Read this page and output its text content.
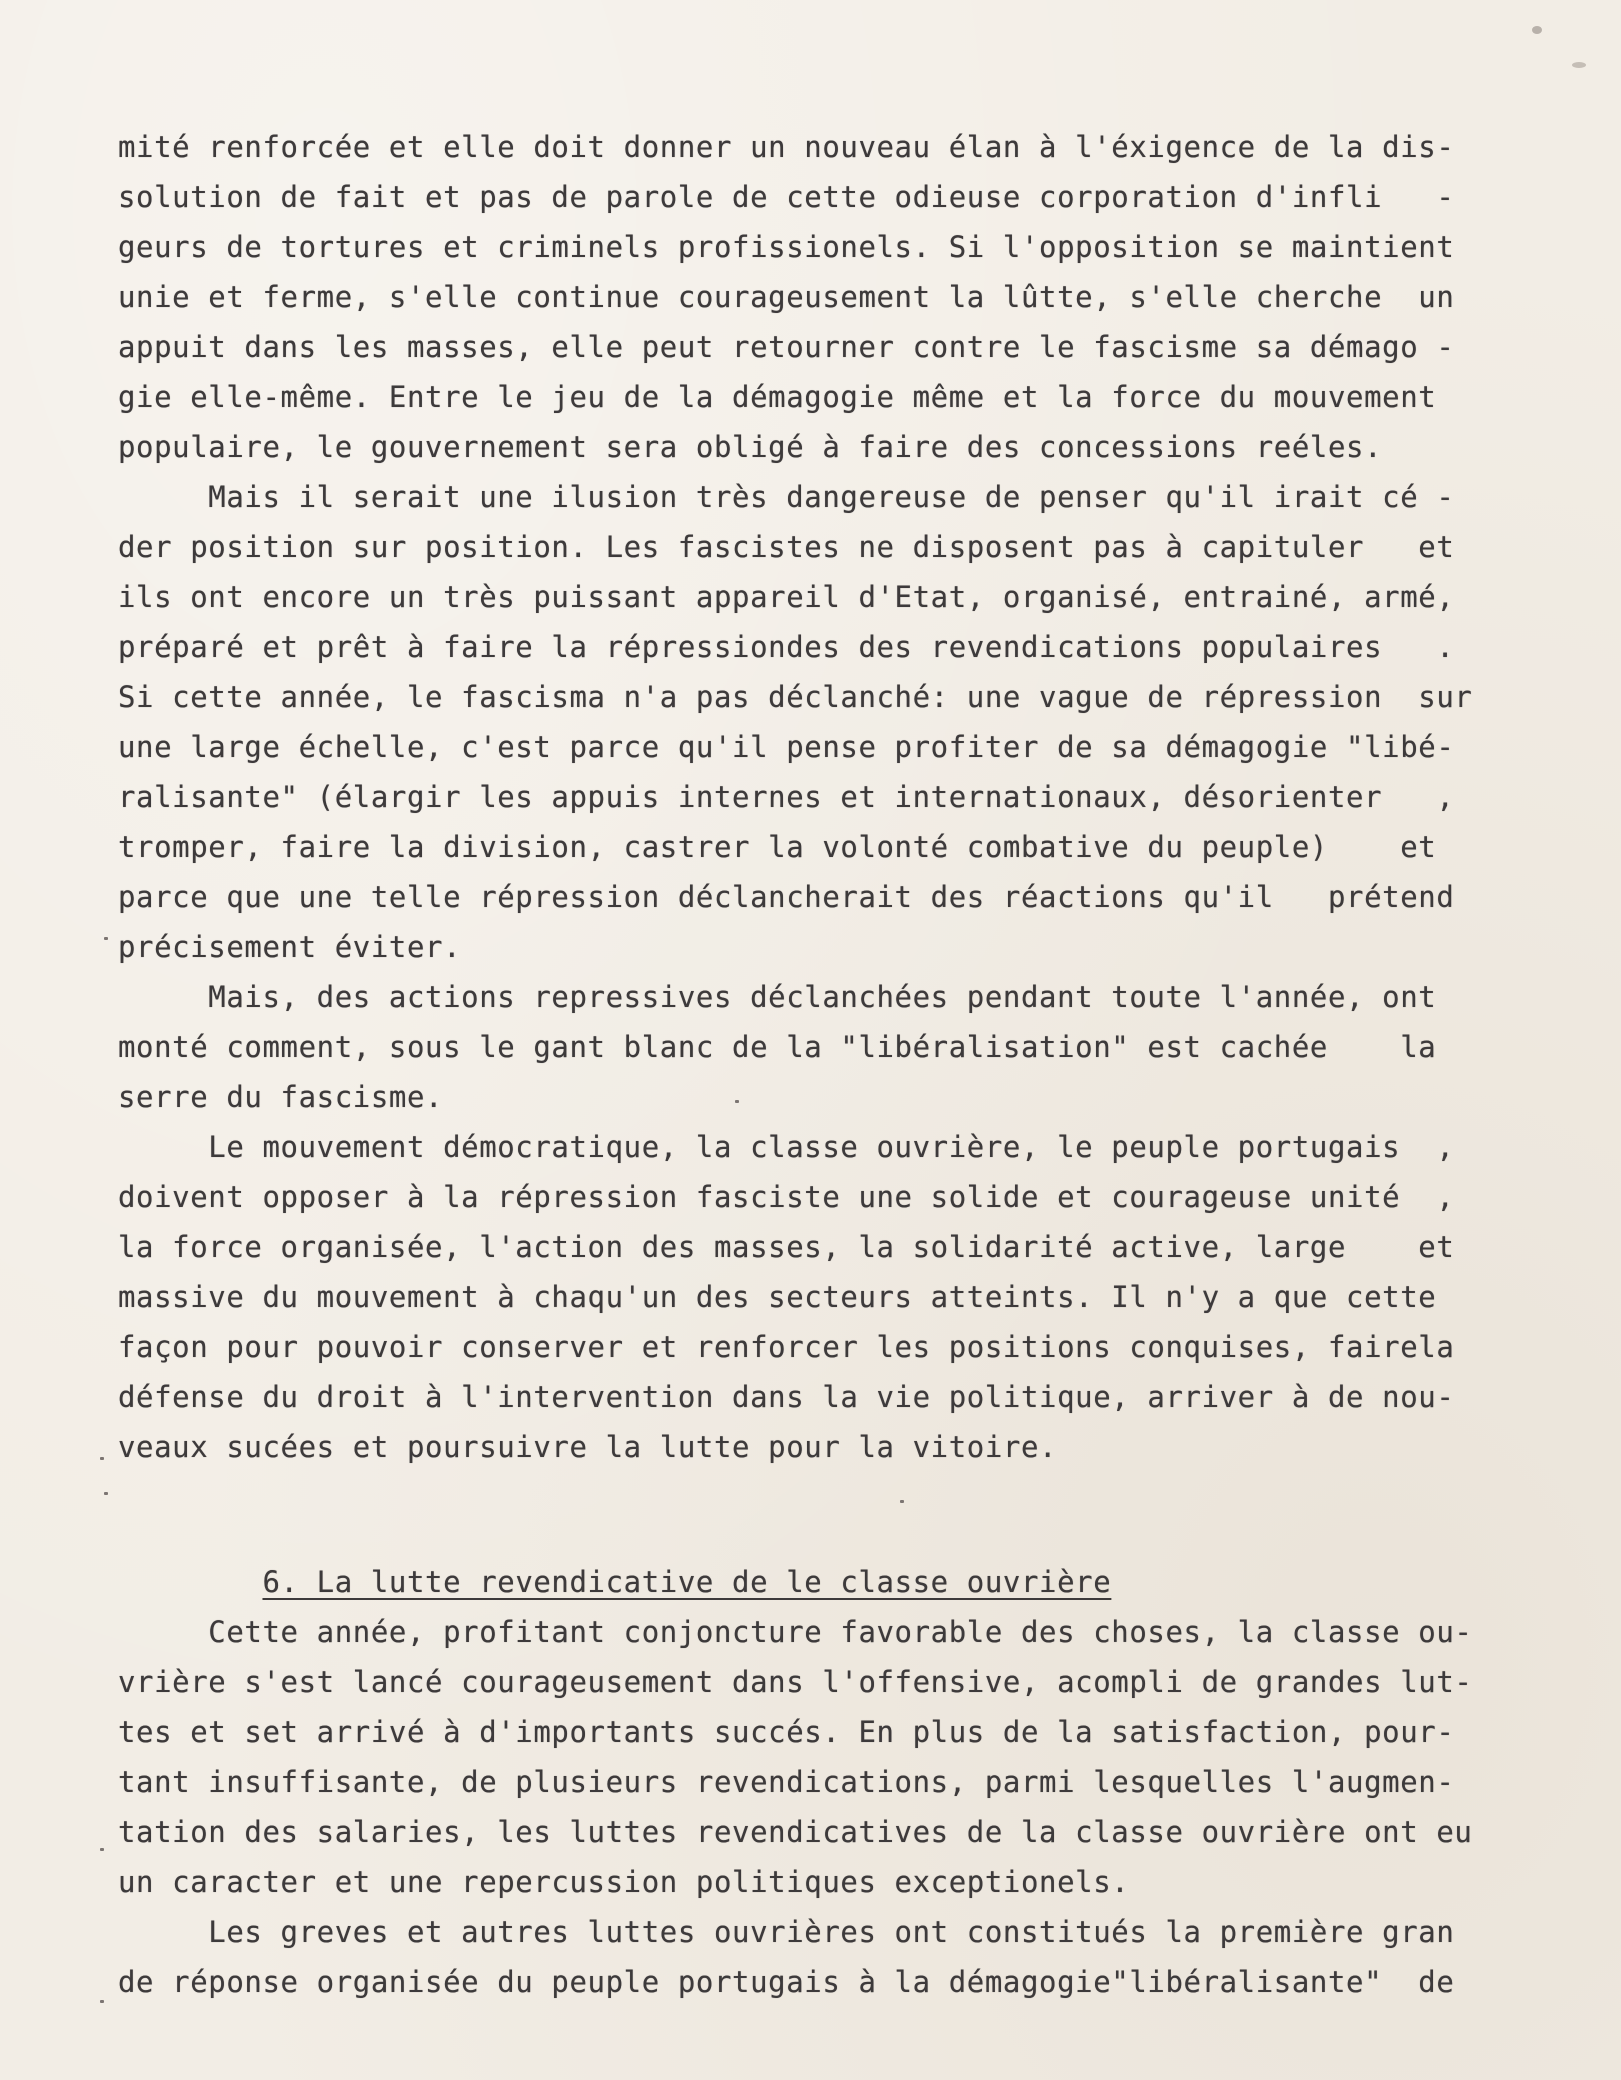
mité renforcée et elle doit donner un nouveau élan à l'éxigence de la dis-
solution de fait et pas de parole de cette odieuse corporation d'infli   -
geurs de tortures et criminels profissionels. Si l'opposition se maintient
unie et ferme, s'elle continue courageusement la lûtte, s'elle cherche  un
appuit dans les masses, elle peut retourner contre le fascisme sa démago -
gie elle-même. Entre le jeu de la démagogie même et la force du mouvement
populaire, le gouvernement sera obligé à faire des concessions reéles.
Mais il serait une ilusion très dangereuse de penser qu'il irait cé -
der position sur position. Les fascistes ne disposent pas à capituler   et
ils ont encore un très puissant appareil d'Etat, organisé, entrainé, armé,
préparé et prêt à faire la répressiondes des revendications populaires   .
Si cette année, le fascisma n'a pas déclanché: une vague de répression  sur
une large échelle, c'est parce qu'il pense profiter de sa démagogie "libé-
ralisante" (élargir les appuis internes et internationaux, désorienter   ,
tromper, faire la division, castrer la volonté combative du peuple)    et
parce que une telle répression déclancherait des réactions qu'il   prétend
précisement éviter.
Mais, des actions repressives déclanchées pendant toute l'année, ont
monté comment, sous le gant blanc de la "libéralisation" est cachée    la
serre du fascisme.
Le mouvement démocratique, la classe ouvrière, le peuple portugais  ,
doivent opposer à la répression fasciste une solide et courageuse unité  ,
la force organisée, l'action des masses, la solidarité active, large    et
massive du mouvement à chaqu'un des secteurs atteints. Il n'y a que cette
façon pour pouvoir conserver et renforcer les positions conquises, fairela
défense du droit à l'intervention dans la vie politique, arriver à de nou-
veaux sucées et poursuivre la lutte pour la vitoire.
6. La lutte revendicative de le classe ouvrière
Cette année, profitant conjoncture favorable des choses, la classe ou-
vrière s'est lancé courageusement dans l'offensive, acompli de grandes lut-
tes et set arrivé à d'importants succés. En plus de la satisfaction, pour-
tant insuffisante, de plusieurs revendications, parmi lesquelles l'augmen-
tation des salaries, les luttes revendicatives de la classe ouvrière ont eu
un caracter et une repercussion politiques exceptionels.
Les greves et autres luttes ouvrières ont constitués la première gran
de réponse organisée du peuple portugais à la démagogie"libéralisante"  de
